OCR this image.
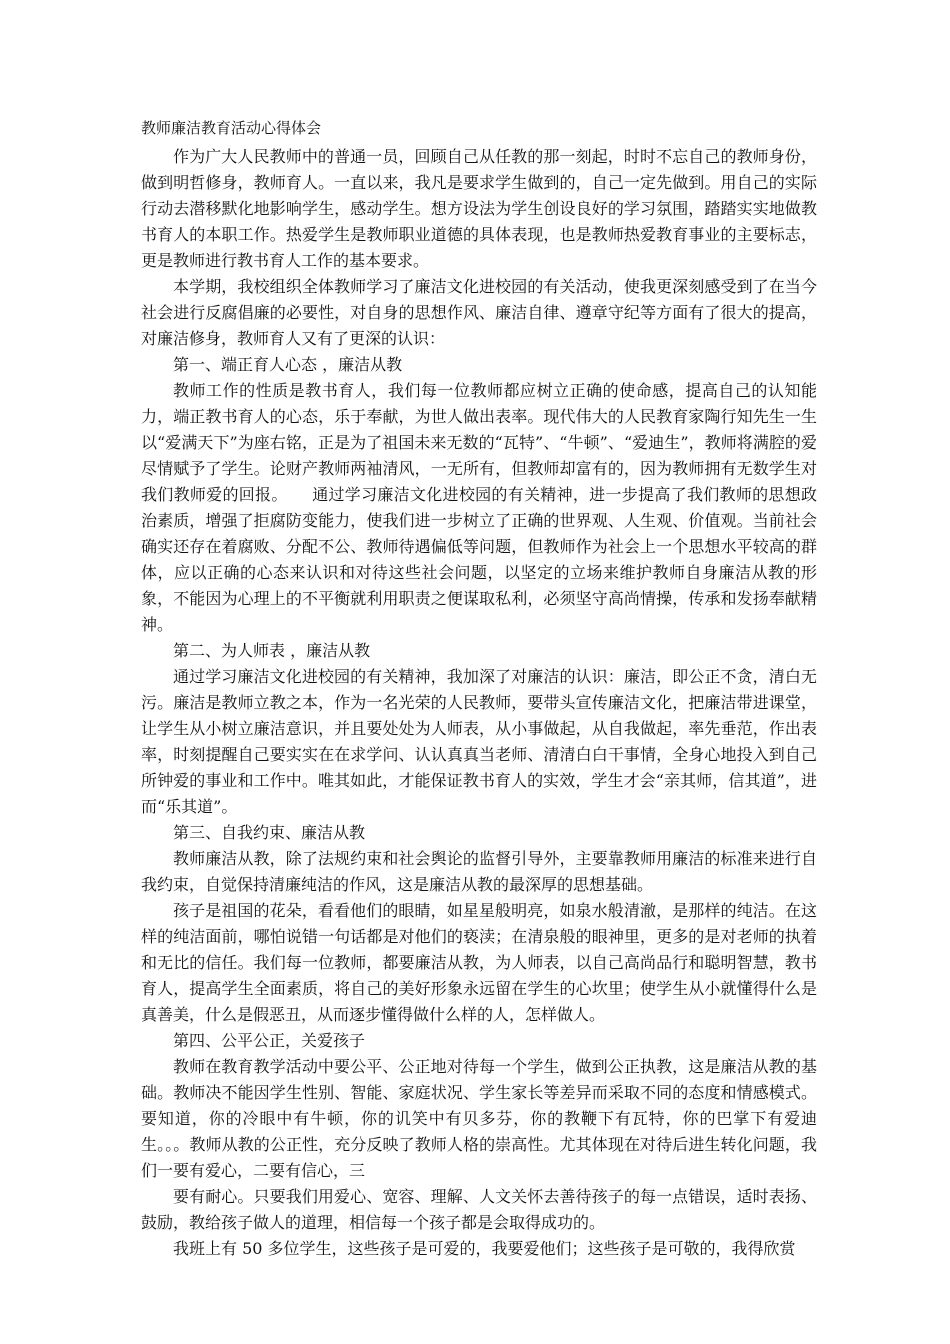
教师廉洁教育活动心得体会

作为广大人民教师中的普通一员，回顾自己从任教的那一刻起，时时不忘自己的教师身份，做到明哲修身，教师育人。一直以来，我凡是要求学生做到的，自己一定先做到。用自己的实际行动去潜移默化地影响学生，感动学生。想方设法为学生创设良好的学习氛围，踏踏实实地做教书育人的本职工作。热爱学生是教师职业道德的具体表现，也是教师热爱教育事业的主要标志，更是教师进行教书育人工作的基本要求。

本学期，我校组织全体教师学习了廉洁文化进校园的有关活动，使我更深刻感受到了在当今社会进行反腐倡廉的必要性，对自身的思想作风、廉洁自律、遵章守纪等方面有了很大的提高，对廉洁修身，教师育人又有了更深的认识：

第一、端正育人心态 ，廉洁从教

教师工作的性质是教书育人，我们每一位教师都应树立正确的使命感，提高自己的认知能力，端正教书育人的心态，乐于奉献，为世人做出表率。现代伟大的人民教育家陶行知先生一生以“爱满天下”为座右铭，正是为了祖国未来无数的“瓦特”、“牛顿”、“爱迪生”，教师将满腔的爱尽情赋予了学生。论财产教师两袖清风，一无所有，但教师却富有的，因为教师拥有无数学生对我们教师爱的回报。　　通过学习廉洁文化进校园的有关精神，进一步提高了我们教师的思想政治素质，增强了拒腐防变能力，使我们进一步树立了正确的世界观、人生观、价值观。当前社会确实还存在着腐败、分配不公、教师待遇偏低等问题，但教师作为社会上一个思想水平较高的群体，应以正确的心态来认识和对待这些社会问题，以坚定的立场来维护教师自身廉洁从教的形象，不能因为心理上的不平衡就利用职责之便谋取私利，必须坚守高尚情操，传承和发扬奉献精神。

第二、为人师表 ，廉洁从教

通过学习廉洁文化进校园的有关精神，我加深了对廉洁的认识：廉洁，即公正不贪，清白无污。廉洁是教师立教之本，作为一名光荣的人民教师，要带头宣传廉洁文化，把廉洁带进课堂，让学生从小树立廉洁意识，并且要处处为人师表，从小事做起，从自我做起，率先垂范，作出表率，时刻提醒自己要实实在在求学问、认认真真当老师、清清白白干事情，全身心地投入到自己所钟爱的事业和工作中。唯其如此，才能保证教书育人的实效，学生才会“亲其师，信其道”，进而“乐其道”。

第三、自我约束、廉洁从教

教师廉洁从教，除了法规约束和社会舆论的监督引导外，主要靠教师用廉洁的标准来进行自我约束，自觉保持清廉纯洁的作风，这是廉洁从教的最深厚的思想基础。

孩子是祖国的花朵，看看他们的眼睛，如星星般明亮，如泉水般清澈，是那样的纯洁。在这样的纯洁面前，哪怕说错一句话都是对他们的亵渎；在清泉般的眼神里，更多的是对老师的执着和无比的信任。我们每一位教师，都要廉洁从教，为人师表，以自己高尚品行和聪明智慧，教书育人，提高学生全面素质，将自己的美好形象永远留在学生的心坎里；使学生从小就懂得什么是真善美，什么是假恶丑，从而逐步懂得做什么样的人，怎样做人。

第四、公平公正，关爱孩子

教师在教育教学活动中要公平、公正地对待每一个学生，做到公正执教，这是廉洁从教的基础。教师决不能因学生性别、智能、家庭状况、学生家长等差异而采取不同的态度和情感模式。要知道，你的冷眼中有牛顿，你的讥笑中有贝多芬，你的教鞭下有瓦特，你的巴掌下有爱迪生。。。教师从教的公正性，充分反映了教师人格的崇高性。尤其体现在对待后进生转化问题，我们一要有爱心，二要有信心，三

要有耐心。只要我们用爱心、宽容、理解、人文关怀去善待孩子的每一点错误，适时表扬、鼓励，教给孩子做人的道理，相信每一个孩子都是会取得成功的。

我班上有 50 多位学生，这些孩子是可爱的，我要爱他们；这些孩子是可敬的，我得欣赏
